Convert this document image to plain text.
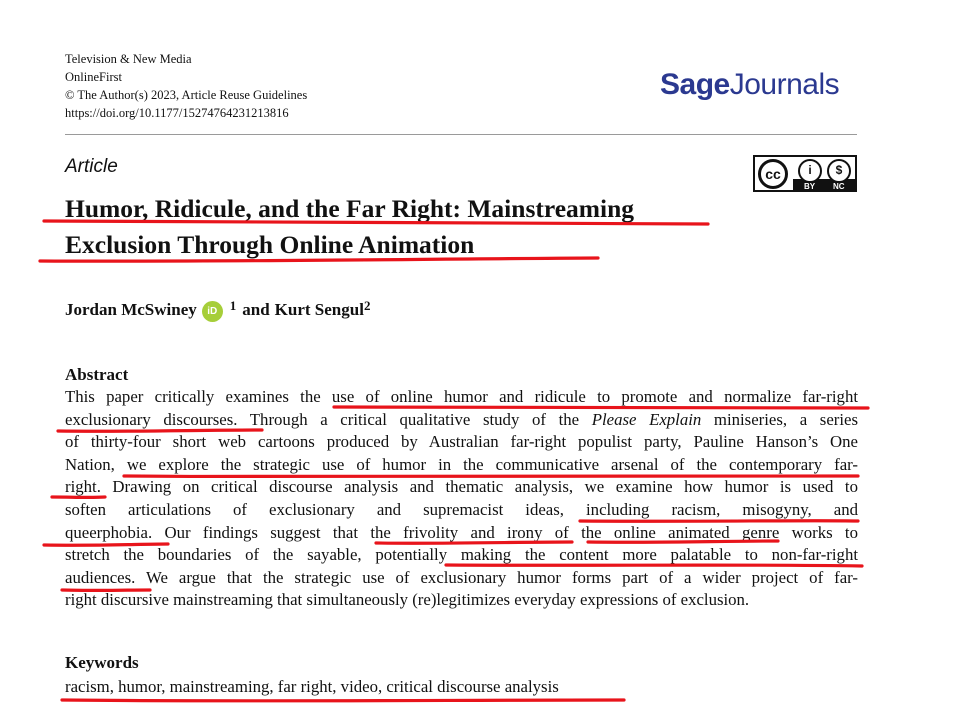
Television & New Media
OnlineFirst
© The Author(s) 2023, Article Reuse Guidelines
https://doi.org/10.1177/15274764231213816
SageJournals
Article	cc	i	$
BY NC
Humor, Ridicule, and the Far Right: Mainstreaming
Exclusion Through Online Animation
Jordan McSwiney	iD $^1$ and Kurt Sengul$^2$
Abstract
This paper critically examines the use of online humor and ridicule to promote and normalize far-right
exclusionary discourses. Through a critical qualitative study of the Please Explain miniseries, a series
of thirty-four short web cartoons produced by Australian far-right populist party, Pauline Hanson’s One
Nation, we explore the strategic use of humor in the communicative arsenal of the contemporary far-
right. Drawing on critical discourse analysis and thematic analysis, we examine how humor is used to
soften articulations of exclusionary and supremacist ideas, including racism, misogyny, and
queerphobia. Our findings suggest that the frivolity and irony of the online animated genre works to
stretch the boundaries of the sayable, potentially making the content more palatable to non-far-right
audiences. We argue that the strategic use of exclusionary humor forms part of a wider project of far-
right discursive mainstreaming that simultaneously (re)legitimizes everyday expressions of exclusion.
Keywords
racism, humor, mainstreaming, far right, video, critical discourse analysis
